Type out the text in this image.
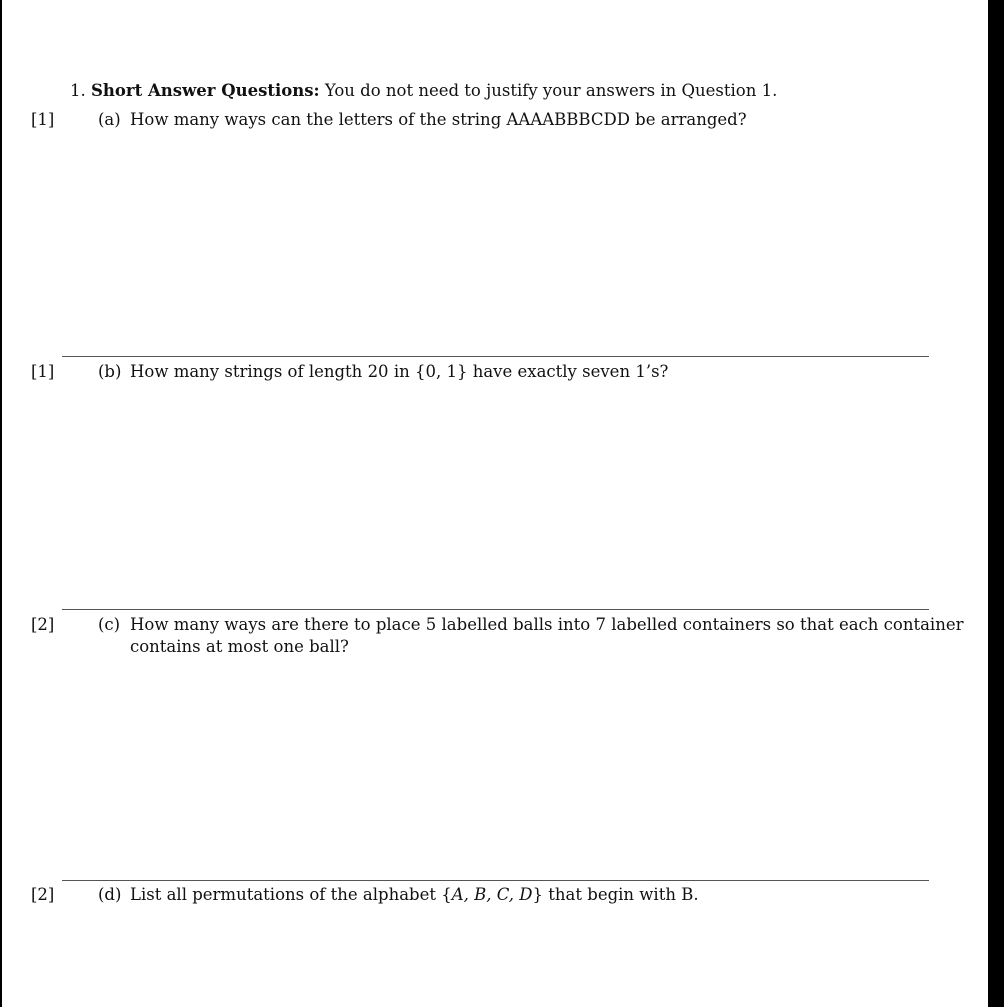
1. Short Answer Questions: You do not need to justify your answers in Question 1.
[1]	(a) How many ways can the letters of the string AAAABBBCDD be arranged?
[1]	(b) How many strings of length 20 in {0, 1} have exactly seven 1’s?
[2]	(c) How many ways are there to place 5 labelled balls into 7 labelled containers so that each container
contains at most one ball?
[2]	(d) List all permutations of the alphabet {A, B, C, D} that begin with B.
